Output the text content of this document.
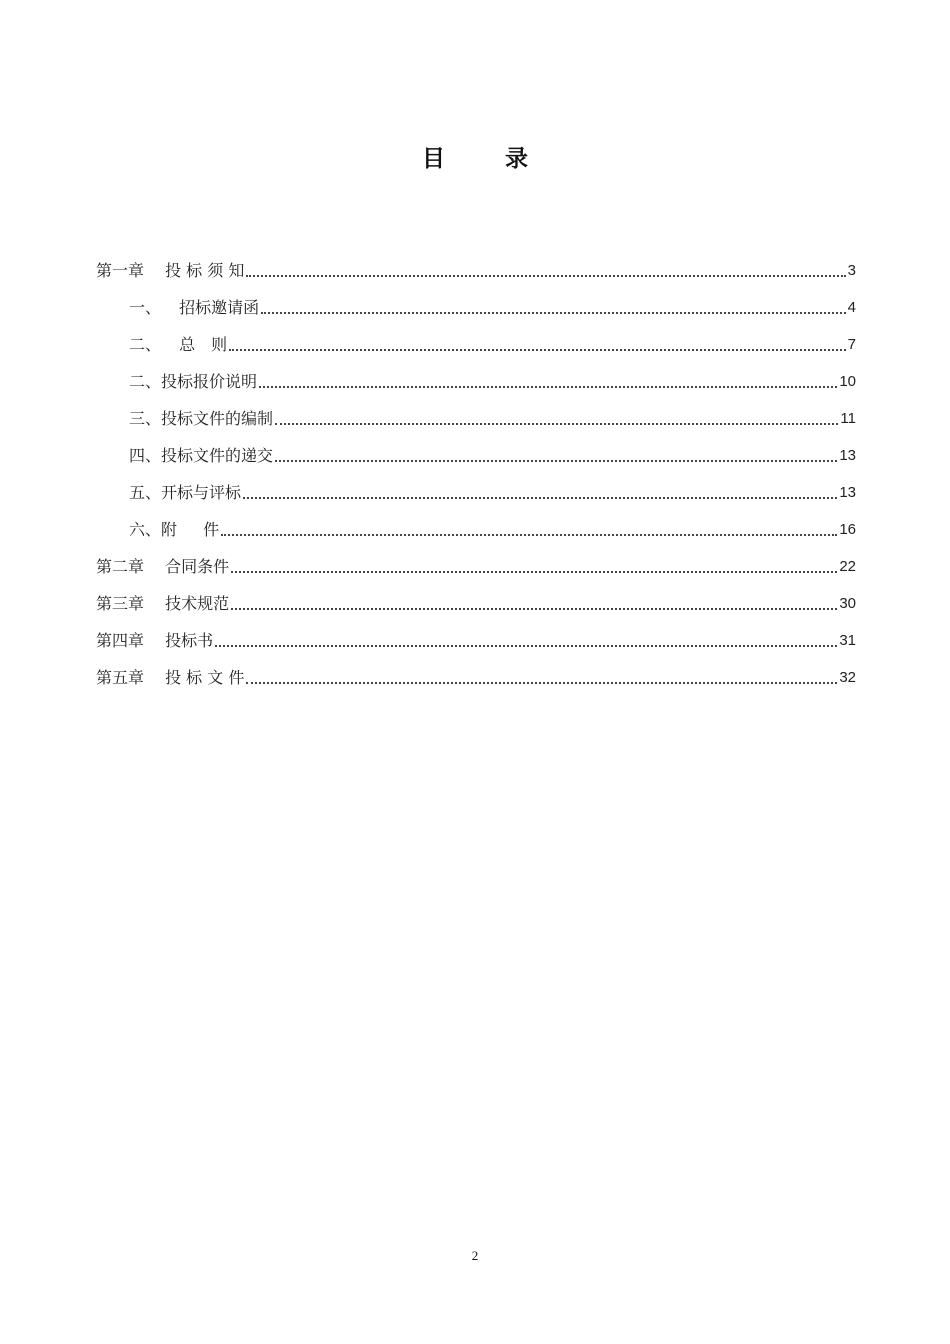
目 录
第一章　 投 标 须 知	3
一、　  招标邀请函	4
二、　  总　则	7
二、投标报价说明	10
三、投标文件的编制	11
四、投标文件的递交	13
五、开标与评标	13
六、附　  件	16
第二章　 合同条件	22
第三章　 技术规范	30
第四章　 投标书	31
第五章　 投 标 文 件	32
2
